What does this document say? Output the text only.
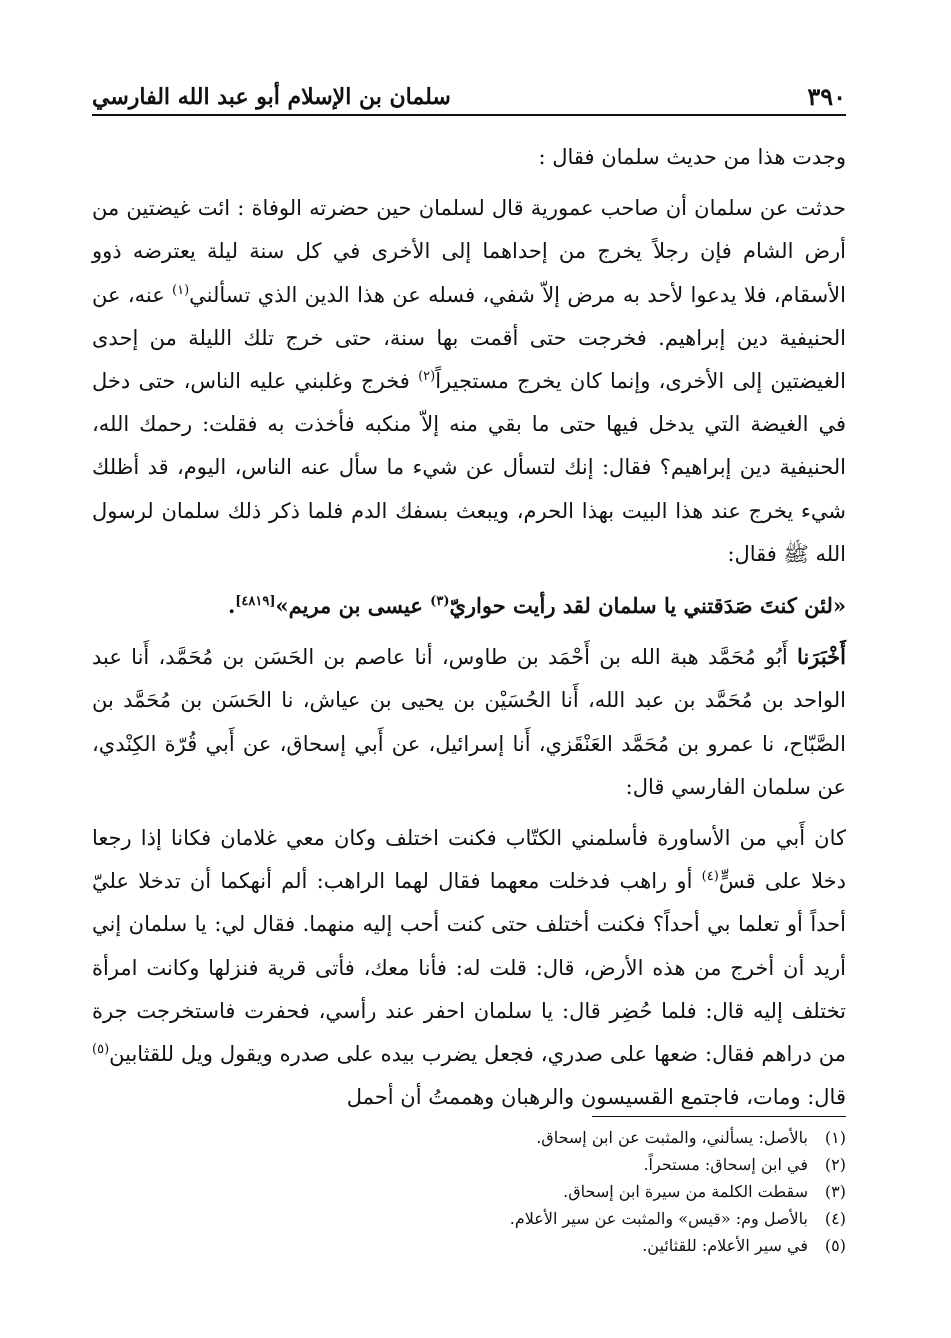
٣٩٠
سلمان بن الإسلام أبو عبد الله الفارسي

وجدت هذا من حديث سلمان فقال :

حدثت عن سلمان أن صاحب عمورية قال لسلمان حين حضرته الوفاة : ائت غيضتين من أرض الشام فإن رجلاً يخرج من إحداهما إلى الأخرى في كل سنة ليلة يعترضه ذوو الأسقام، فلا يدعوا لأحد به مرض إلاّ شفي، فسله عن هذا الدين الذي تسألني$^{(١)}$ عنه، عن الحنيفية دين إبراهيم. فخرجت حتى أقمت بها سنة، حتى خرج تلك الليلة من إحدى الغيضتين إلى الأخرى، وإنما كان يخرج مستجيراً$^{(٢)}$ فخرج وغلبني عليه الناس، حتى دخل في الغيضة التي يدخل فيها حتى ما بقي منه إلاّ منكبه فأخذت به فقلت: رحمك الله، الحنيفية دين إبراهيم؟ فقال: إنك لتسأل عن شيء ما سأل عنه الناس، اليوم، قد أظلك شيء يخرج عند هذا البيت بهذا الحرم، ويبعث بسفك الدم فلما ذكر ذلك سلمان لرسول الله ﷺ فقال:

«لئن كنتَ صَدَقتني يا سلمان لقد رأيت حواريّ$^{(٣)}$ عيسى بن مريم»[٤٨١٩].

أَخْبَرَنا أَبُو مُحَمَّد هبة الله بن أَحْمَد بن طاوس، أنا عاصم بن الحَسَن بن مُحَمَّد، أَنا عبد الواحد بن مُحَمَّد بن عبد الله، أَنا الحُسَيْن بن يحيى بن عياش، نا الحَسَن بن مُحَمَّد بن الصَّبّاح، نا عمرو بن مُحَمَّد العَنْقَزي، أَنا إسرائيل، عن أَبي إسحاق، عن أَبي قُرّة الكِنْدي، عن سلمان الفارسي قال:

كان أَبي من الأساورة فأسلمني الكتّاب فكنت اختلف وكان معي غلامان فكانا إذا رجعا دخلا على قسٍّ$^{(٤)}$ أو راهب فدخلت معهما فقال لهما الراهب: ألم أنهكما أن تدخلا عليّ أحداً أو تعلما بي أحداً؟ فكنت أختلف حتى كنت أحب إليه منهما. فقال لي: يا سلمان إني أريد أن أخرج من هذه الأرض، قال: قلت له: فأنا معك، فأتى قرية فنزلها وكانت امرأة تختلف إليه قال: فلما حُضِر قال: يا سلمان احفر عند رأسي، فحفرت فاستخرجت جرة من دراهم فقال: ضعها على صدري، فجعل يضرب بيده على صدره ويقول ويل للقثابين$^{(٥)}$ قال: ومات، فاجتمع القسيسون والرهبان وهممتُ أن أحمل

(١)
بالأصل: يسألني، والمثبت عن ابن إسحاق.
(٢)
في ابن إسحاق: مستحراً.
(٣)
سقطت الكلمة من سيرة ابن إسحاق.
(٤)
بالأصل وم: «قيس» والمثبت عن سير الأعلام.
(٥)
في سير الأعلام: للقثائين.
